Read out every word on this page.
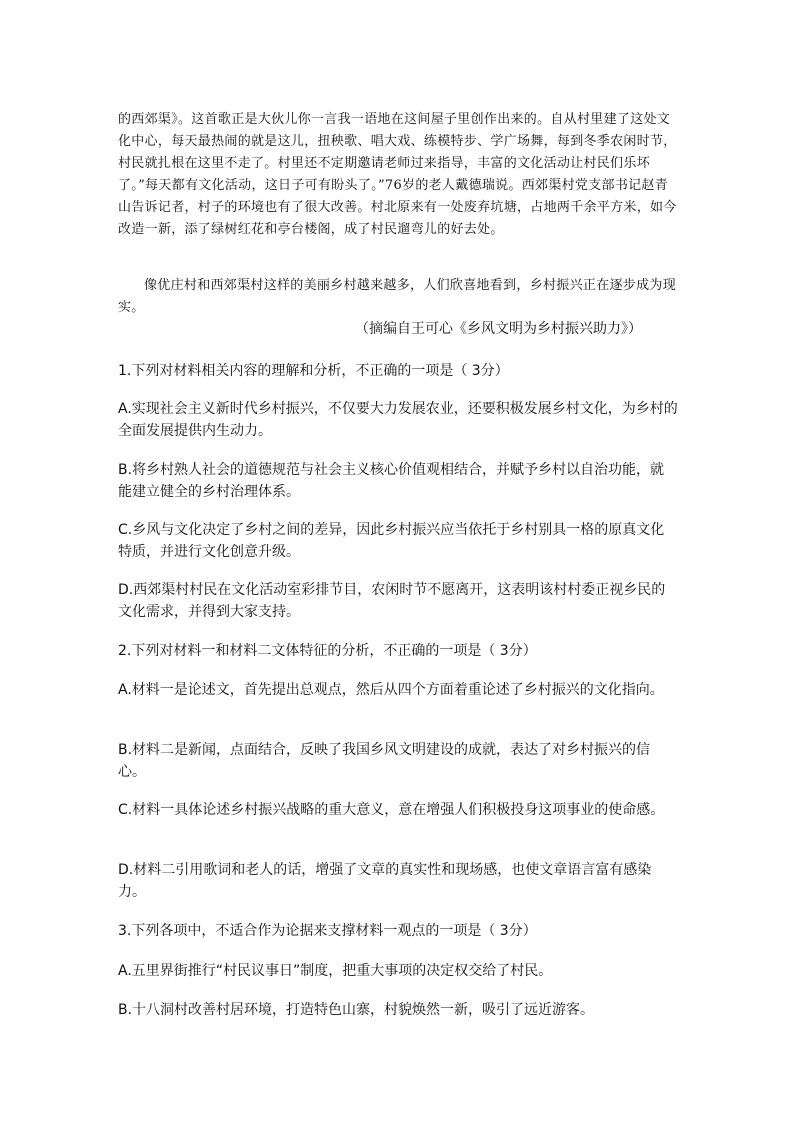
的西郊渠》。这首歌正是大伙儿你一言我一语地在这间屋子里创作出来的。自从村里建了这处文化中心，每天最热闹的就是这儿，扭秧歌、唱大戏、练模特步、学广场舞，每到冬季农闲时节，村民就扎根在这里不走了。村里还不定期邀请老师过来指导，丰富的文化活动让村民们乐坏了。”每天都有文化活动，这日子可有盼头了。”76岁的老人戴德瑞说。西郊渠村党支部书记赵青山告诉记者，村子的环境也有了很大改善。村北原来有一处废弃坑塘，占地两千余平方米，如今改造一新，添了绿树红花和亭台楼阁，成了村民遛弯儿的好去处。

像优庄村和西郊渠村这样的美丽乡村越来越多，人们欣喜地看到，乡村振兴正在逐步成为现实。

（摘编自王可心《乡风文明为乡村振兴助力》）
1.下列对材料相关内容的理解和分析，不正确的一项是（ 3分）
A.实现社会主义新时代乡村振兴，不仅要大力发展农业，还要积极发展乡村文化，为乡村的全面发展提供内生动力。
B.将乡村熟人社会的道德规范与社会主义核心价值观相结合，并赋予乡村以自治功能，就能建立健全的乡村治理体系。
C.乡风与文化决定了乡村之间的差异，因此乡村振兴应当依托于乡村别具一格的原真文化特质，并进行文化创意升级。
D.西郊渠村村民在文化活动室彩排节目，农闲时节不愿离开，这表明该村村委正视乡民的文化需求，并得到大家支持。
2.下列对材料一和材料二文体特征的分析，不正确的一项是（ 3分）
A.材料一是论述文，首先提出总观点，然后从四个方面着重论述了乡村振兴的文化指向。
B.材料二是新闻，点面结合，反映了我国乡风文明建设的成就，表达了对乡村振兴的信心。
C.材料一具体论述乡村振兴战略的重大意义，意在增强人们积极投身这项事业的使命感。
D.材料二引用歌词和老人的话，增强了文章的真实性和现场感，也使文章语言富有感染力。
3.下列各项中，不适合作为论据来支撑材料一观点的一项是（ 3分）
A.五里界街推行“村民议事日”制度，把重大事项的决定权交给了村民。
B.十八洞村改善村居环境，打造特色山寨，村貌焕然一新，吸引了远近游客。
